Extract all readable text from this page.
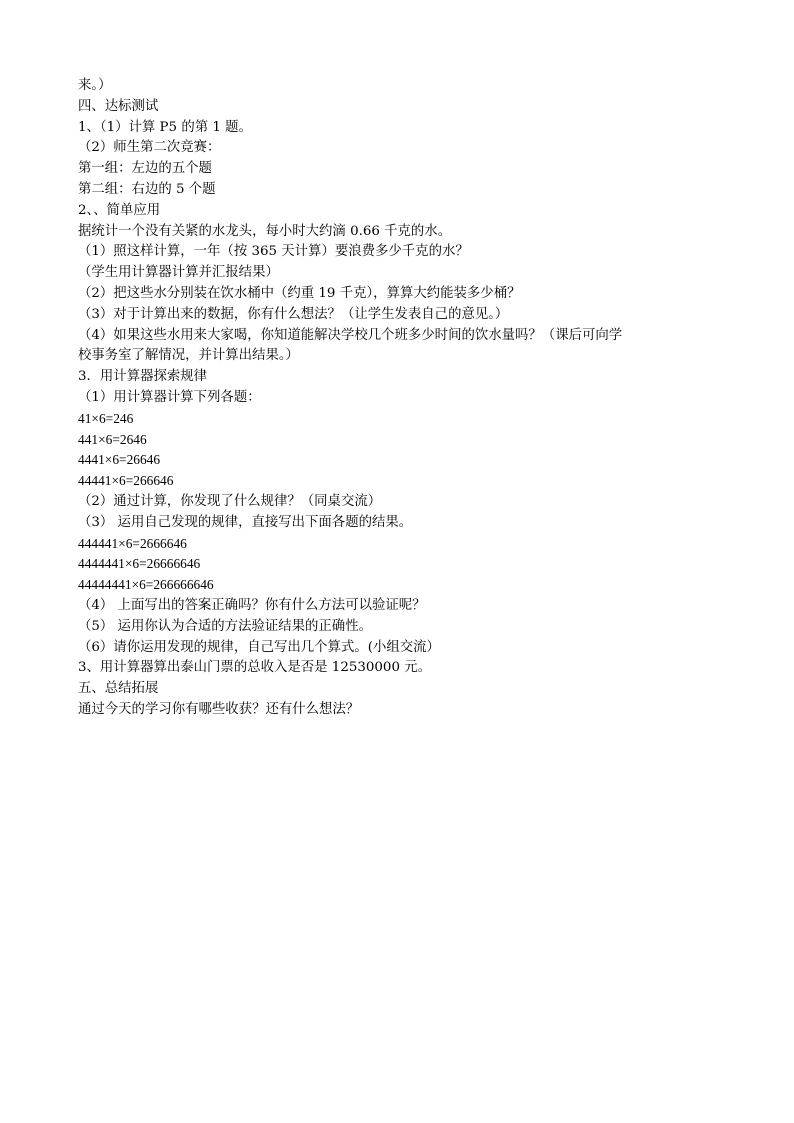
来。）
四、达标测试
1、（1）计算 P5 的第 1 题。
（2）师生第二次竞赛：
第一组：左边的五个题
第二组：右边的 5 个题
2、、简单应用
据统计一个没有关紧的水龙头，每小时大约滴 0.66 千克的水。
（1）照这样计算，一年（按 365 天计算）要浪费多少千克的水？
（学生用计算器计算并汇报结果）
（2）把这些水分别装在饮水桶中（约重 19 千克），算算大约能装多少桶？
（3）对于计算出来的数据，你有什么想法？（让学生发表自己的意见。）
（4）如果这些水用来大家喝，你知道能解决学校几个班多少时间的饮水量吗？（课后可向学
校事务室了解情况，并计算出结果。）
3．用计算器探索规律
（1）用计算器计算下列各题：
41×6=246
441×6=2646
4441×6=26646
44441×6=266646
（2）通过计算，你发现了什么规律？（同桌交流）
（3） 运用自己发现的规律，直接写出下面各题的结果。
444441×6=2666646
4444441×6=26666646
44444441×6=266666646
（4） 上面写出的答案正确吗？你有什么方法可以验证呢？
（5） 运用你认为合适的方法验证结果的正确性。
（6）请你运用发现的规律，自己写出几个算式。(小组交流）
3、用计算器算出泰山门票的总收入是否是 12530000 元。
五、总结拓展
通过今天的学习你有哪些收获？还有什么想法？
